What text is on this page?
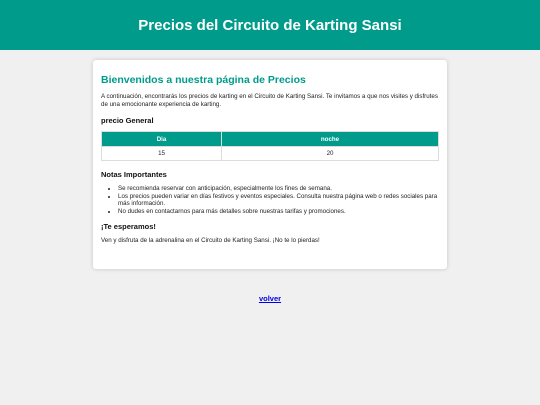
Precios del Circuito de Karting Sansi
Bienvenidos a nuestra página de Precios

A continuación, encontrarás los precios de karting en el Circuito de Karting Sansi. Te invitamos a que nos visites y disfrutes de una emocionante experiencia de karting.

precio General
Dia	noche
15	20
Notas Importantes
• Se recomienda reservar con anticipación, especialmente los fines de semana.
• Los precios pueden variar en días festivos y eventos especiales. Consulta nuestra página web o redes sociales para más información.
• No dudes en contactarnos para más detalles sobre nuestras tarifas y promociones.
¡Te esperamos!

Ven y disfruta de la adrenalina en el Circuito de Karting Sansi. ¡No te lo pierdas!

volver
